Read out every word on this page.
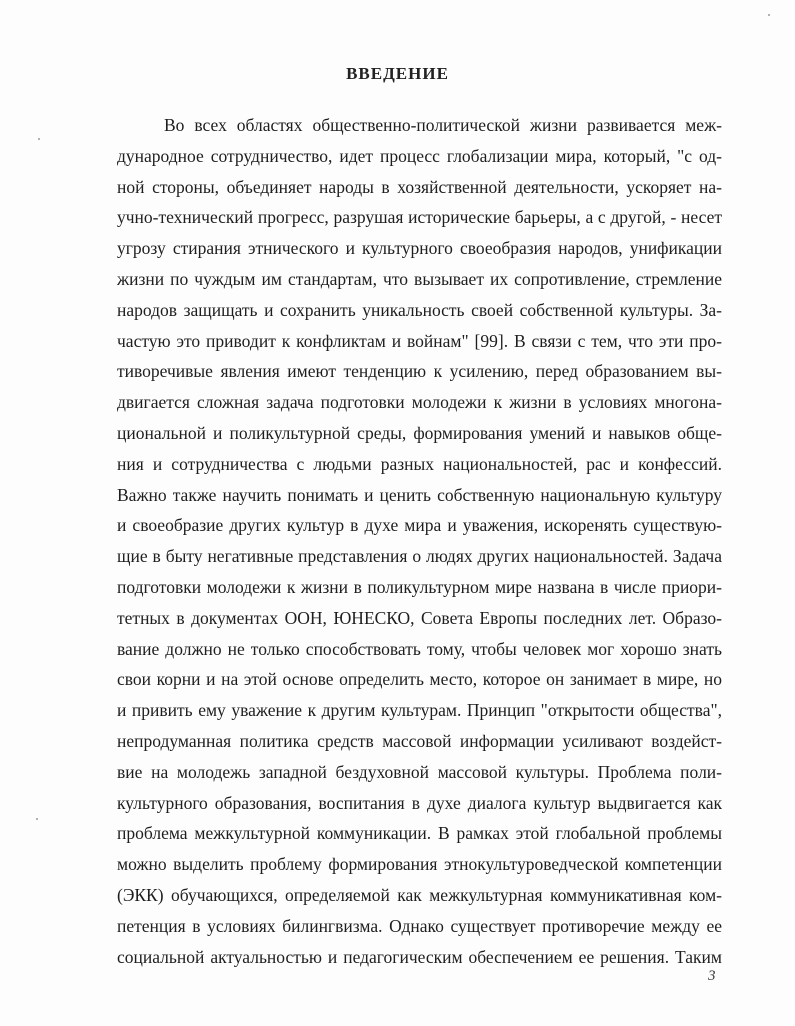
ВВЕДЕНИЕ
Во всех областях общественно-политической жизни развивается меж-
дународное сотрудничество, идет процесс глобализации мира, который, "с од-
ной стороны, объединяет народы в хозяйственной деятельности, ускоряет на-
учно-технический прогресс, разрушая исторические барьеры, а с другой, - несет
угрозу стирания этнического и культурного своеобразия народов, унификации
жизни по чуждым им стандартам, что вызывает их сопротивление, стремление
народов защищать и сохранить уникальность своей собственной культуры. За-
частую это приводит к конфликтам и войнам" [99]. В связи с тем, что эти про-
тиворечивые явления имеют тенденцию к усилению, перед образованием вы-
двигается сложная задача подготовки молодежи к жизни в условиях многона-
циональной и поликультурной среды, формирования умений и навыков обще-
ния и сотрудничества с людьми разных национальностей, рас и конфессий.
Важно также научить понимать и ценить собственную национальную культуру
и своеобразие других культур в духе мира и уважения, искоренять существую-
щие в быту негативные представления о людях других национальностей. Задача
подготовки молодежи к жизни в поликультурном мире названа в числе приори-
тетных в документах ООН, ЮНЕСКО, Совета Европы последних лет. Образо-
вание должно не только способствовать тому, чтобы человек мог хорошо знать
свои корни и на этой основе определить место, которое он занимает в мире, но
и привить ему уважение к другим культурам. Принцип "открытости общества",
непродуманная политика средств массовой информации усиливают воздейст-
вие на молодежь западной бездуховной массовой культуры. Проблема поли-
культурного образования, воспитания в духе диалога культур выдвигается как
проблема межкультурной коммуникации. В рамках этой глобальной проблемы
можно выделить проблему формирования этнокультуроведческой компетенции
(ЭКК) обучающихся, определяемой как межкультурная коммуникативная ком-
петенция в условиях билингвизма. Однако существует противоречие между ее
социальной актуальностью и педагогическим обеспечением ее решения. Таким
3
